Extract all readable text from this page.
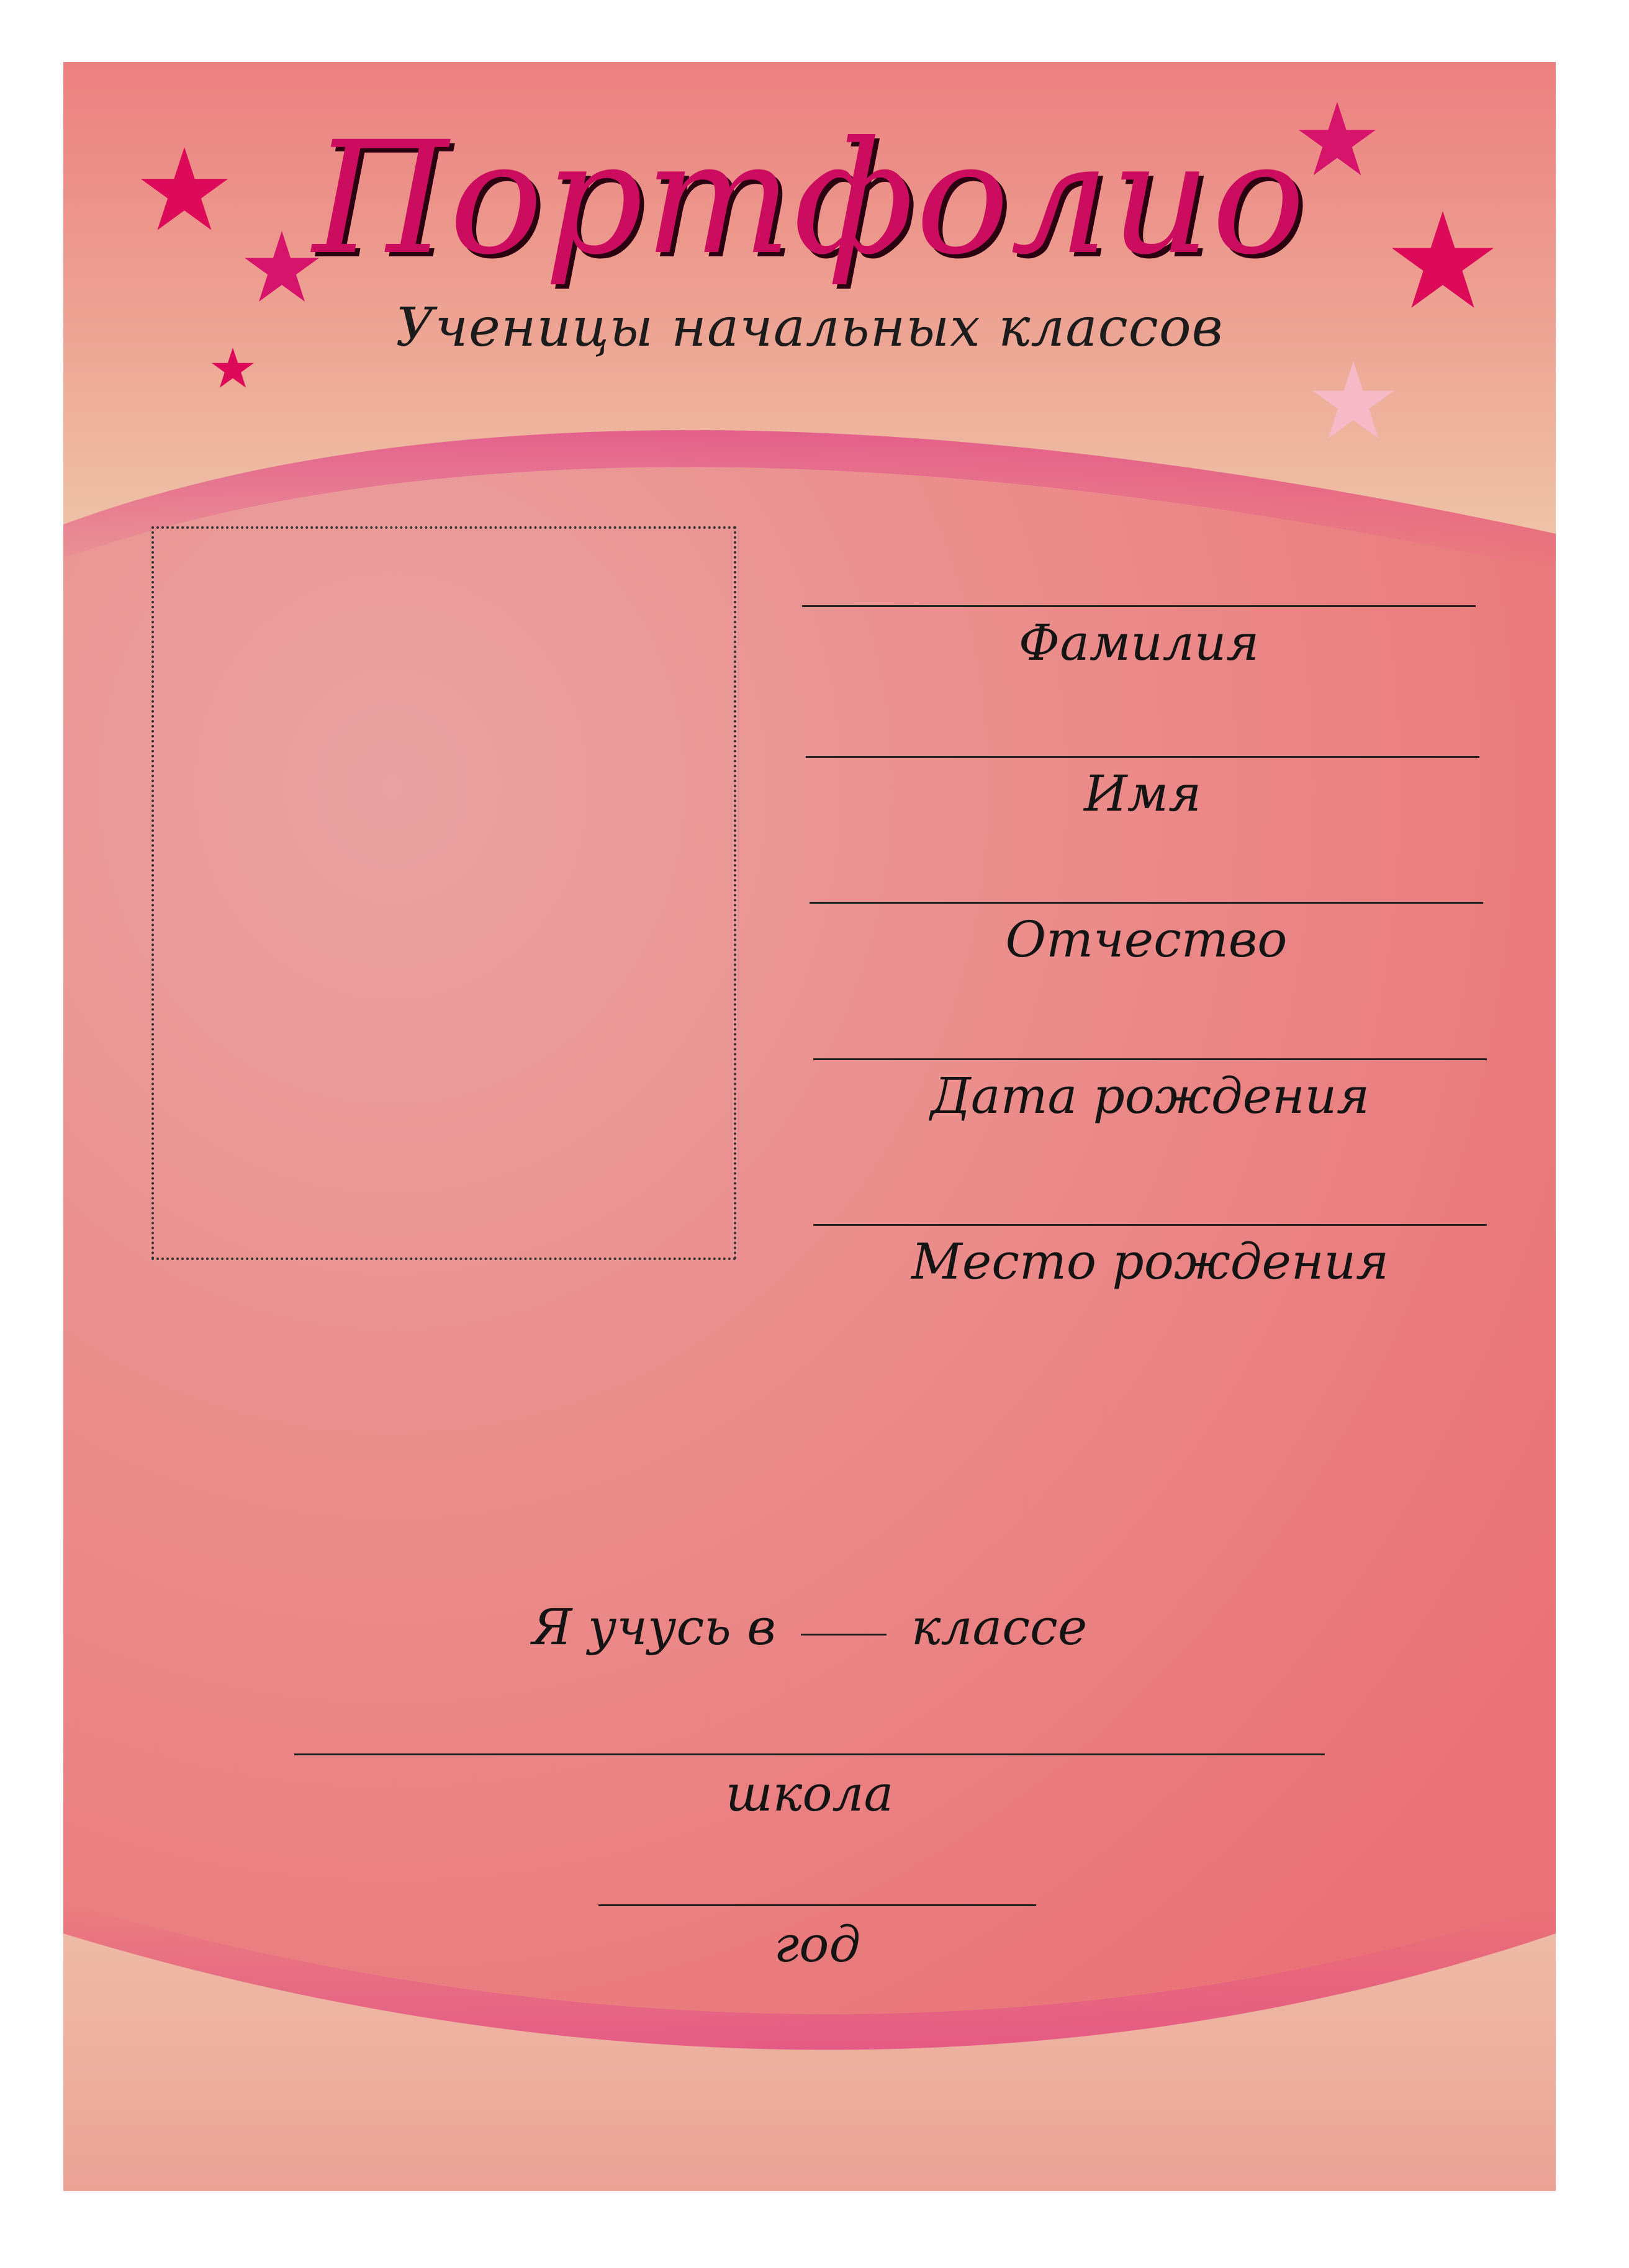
Портфолио
Ученицы начальных классов
Фамилия
Имя
Отчество
Дата рождения
Место рождения
Я учусь в	классе
школа
год
